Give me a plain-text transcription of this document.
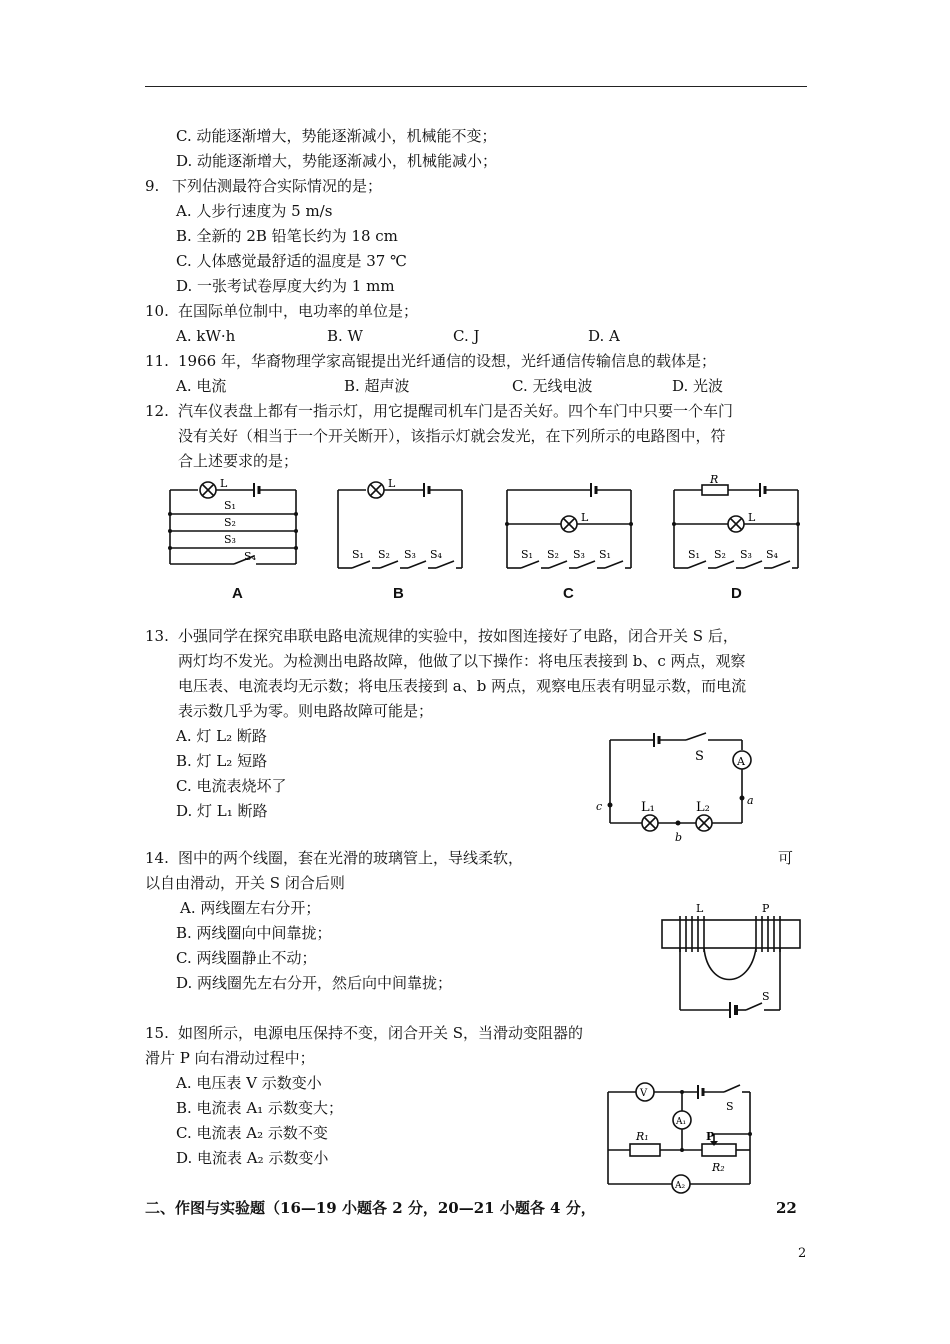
C. 动能逐渐增大，势能逐渐减小，机械能不变；
D. 动能逐渐增大，势能逐渐减小，机械能减小；
9. 下列估测最符合实际情况的是；
A. 人步行速度为 5 m/s
B. 全新的 2B 铅笔长约为 18 cm
C. 人体感觉最舒适的温度是 37 ℃
D. 一张考试卷厚度大约为 1 mm
10. 在国际单位制中，电功率的单位是；
A. kW·h	B. W	C. J	D. A
11. 1966 年，华裔物理学家高锟提出光纤通信的设想，光纤通信传输信息的载体是；
A. 电流	B. 超声波	C. 无线电波	D. 光波
12. 汽车仪表盘上都有一指示灯，用它提醒司机车门是否关好。四个车门中只要一个车门
没有关好（相当于一个开关断开），该指示灯就会发光，在下列所示的电路图中，符
合上述要求的是；
L
S₁
S₂
S₃
S₄
A
L
S₁ S₂ S₃ S₄
B
L
S₁ S₂ S₃ S₁
C
R
L
S₁ S₂ S₃ S₄
D
13. 小强同学在探究串联电路电流规律的实验中，按如图连接好了电路，闭合开关 S 后，
两灯均不发光。为检测出电路故障，他做了以下操作：将电压表接到 b、c 两点，观察
电压表、电流表均无示数；将电压表接到 a、b 两点，观察电压表有明显示数，而电流
表示数几乎为零。则电路故障可能是；
A. 灯 L₂ 断路
B. 灯 L₂ 短路
C. 电流表烧坏了
D. 灯 L₁ 断路
S	A
L₁	L₂	a
b
c
14. 图中的两个线圈，套在光滑的玻璃管上，导线柔软，	可
以自由滑动，开关 S 闭合后则
A. 两线圈左右分开；
B. 两线圈向中间靠拢；
C. 两线圈静止不动；
D. 两线圈先左右分开，然后向中间靠拢；
L	P
S
15. 如图所示，电源电压保持不变，闭合开关 S，当滑动变阻器的
滑片 P 向右滑动过程中；
A. 电压表 V 示数变小
B. 电流表 A₁ 示数变大；
C. 电流表 A₂ 示数不变
D. 电流表 A₂ 示数变小
V
A₁
A₂
R₁
R₂
P
S
二、作图与实验题（16—19 小题各 2 分，20—21 小题各 4 分，	22
2
